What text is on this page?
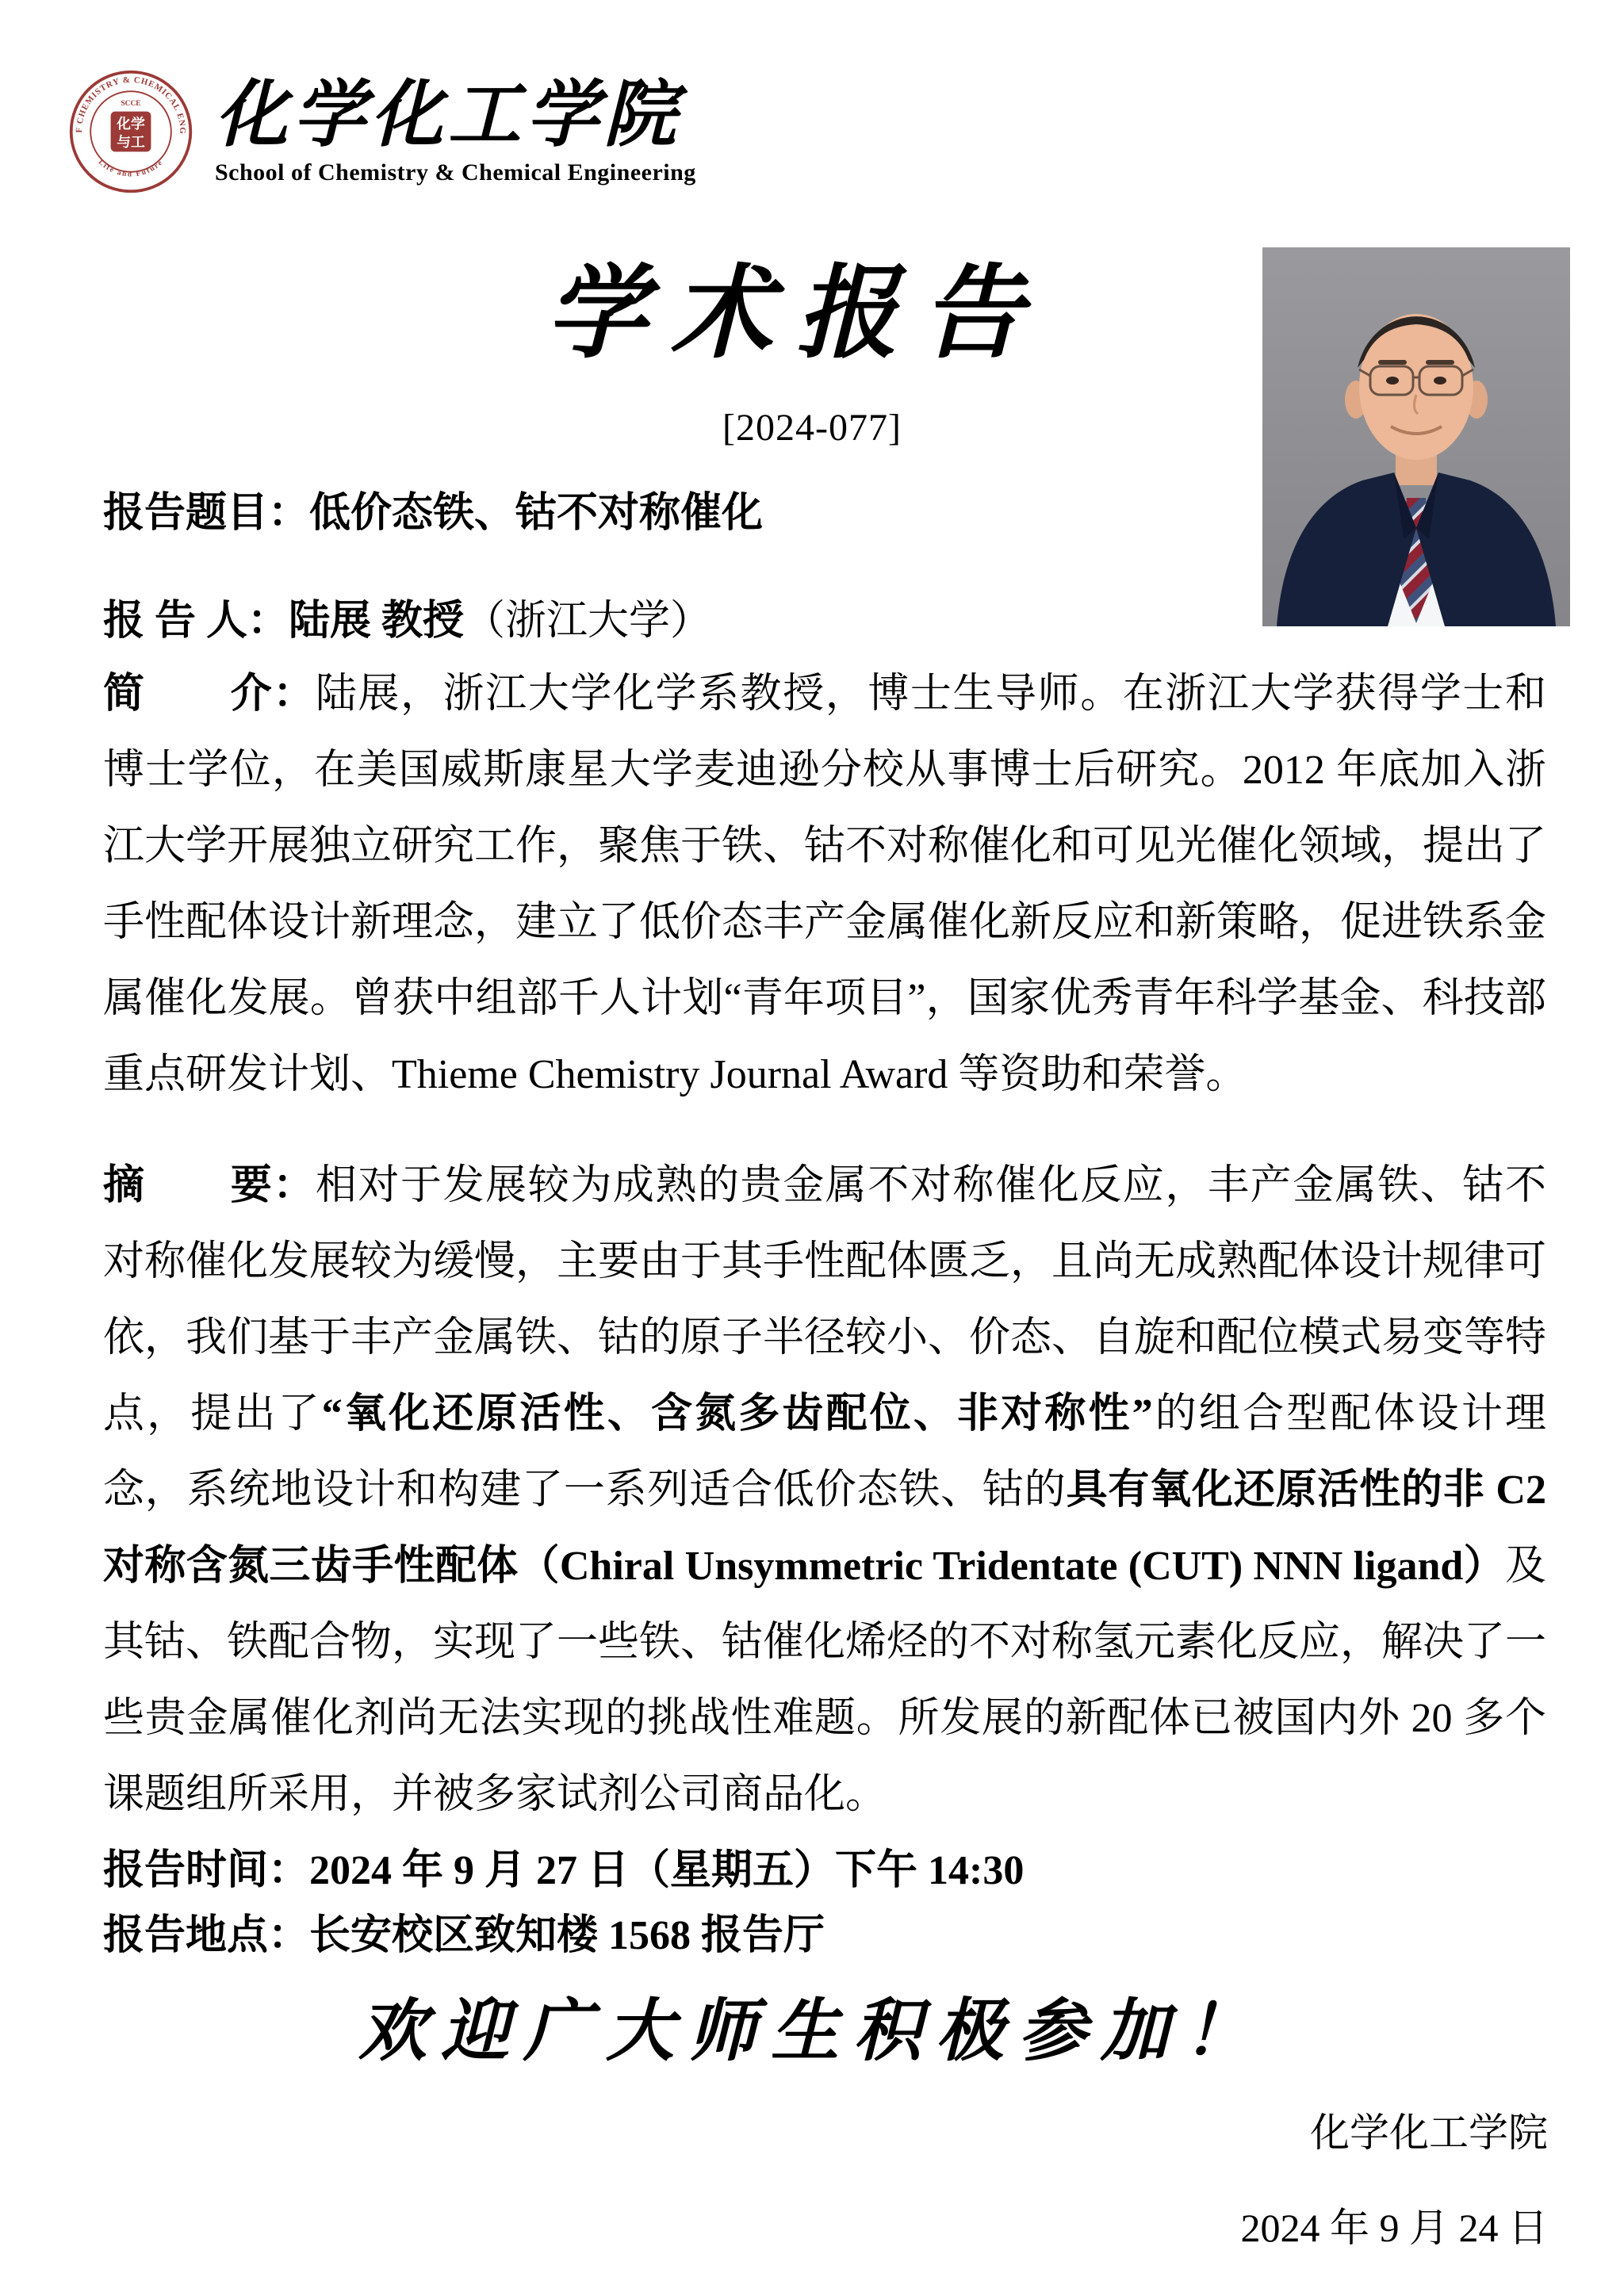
F CHEMISTRY & CHEMICAL ENG
Life and Future
SCCE
化学
与工 化学化工学院
School of Chemistry & Chemical Engineering
学术报告
[2024-077]
报告题目：低价态铁、钴不对称催化
报 告 人：陆展 教授（浙江大学）

简　　介：陆展，浙江大学化学系教授，博士生导师。在浙江大学获得学士和博士学位，在美国威斯康星大学麦迪逊分校从事博士后研究。2012 年底加入浙江大学开展独立研究工作，聚焦于铁、钴不对称催化和可见光催化领域，提出了手性配体设计新理念，建立了低价态丰产金属催化新反应和新策略，促进铁系金属催化发展。曾获中组部千人计划“青年项目”，国家优秀青年科学基金、科技部重点研发计划、Thieme Chemistry Journal Award 等资助和荣誉。

摘　　要：相对于发展较为成熟的贵金属不对称催化反应，丰产金属铁、钴不对称催化发展较为缓慢，主要由于其手性配体匮乏，且尚无成熟配体设计规律可依，我们基于丰产金属铁、钴的原子半径较小、价态、自旋和配位模式易变等特点，提出了“氧化还原活性、含氮多齿配位、非对称性”的组合型配体设计理念，系统地设计和构建了一系列适合低价态铁、钴的具有氧化还原活性的非 C2 对称含氮三齿手性配体（Chiral Unsymmetric Tridentate (CUT) NNN ligand）及其钴、铁配合物，实现了一些铁、钴催化烯烃的不对称氢元素化反应，解决了一些贵金属催化剂尚无法实现的挑战性难题。所发展的新配体已被国内外 20 多个课题组所采用，并被多家试剂公司商品化。

报告时间：2024 年 9 月 27 日（星期五）下午 14:30
报告地点：长安校区致知楼 1568 报告厅
欢迎广大师生积极参加！
化学化工学院
2024 年 9 月 24 日
